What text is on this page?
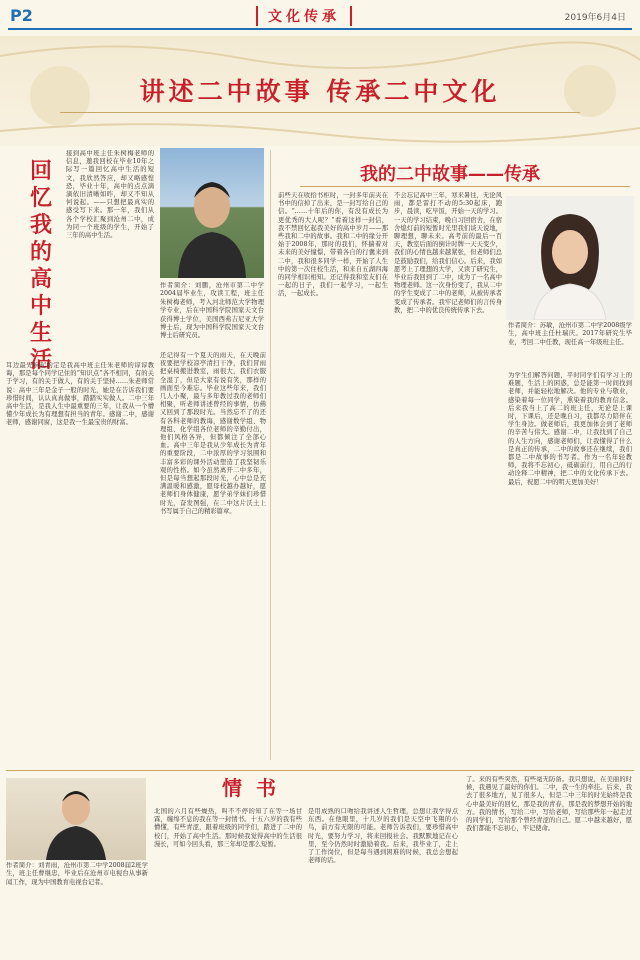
P2	文化传承	2019年6月4日
讲述二中故事 传承二中文化
回忆我的高中生活
接到高中班主任朱树梅老师的信息，邀我回校在毕业10年之际写一篇回忆高中生活的短文，我欣然答应，却又略感惶恐，毕业十年，高中的点点滴滴依旧清晰如昨，却又不知从何说起。——只想把最真实的感受写下来。那一年，我们从各个学校汇聚到沧州二中，成为同一个班级的学生，开始了三年的高中生活。
耳边最先响起的定是我高中班主任朱老师的谆谆教诲，那是每个同学记住的“知识点”各不相同，有的关于学习，有的关于做人，有的关于坚持……朱老师常说：高中三年是金子一般的时光，她是在告诉我们要珍惜时间，认认真真做事，踏踏实实做人。二中三年高中生活，是我人生中最重要的三年，让我从一个懵懂少年成长为有理想有担当的青年。感谢二中，感谢老师，感谢同窗，这是我一生最宝贵的财富。
作者简介：刘鹏，沧州市第二中学2004届毕业生，攻读工程，班主任朱树梅老师，考入河北师范大学物理学专业，后在中国科学院国家天文台获得博士学位，美国西弗吉尼亚大学博士后，现为中国科学院国家天文台博士后研究员。
还记得有一个夏天的雨天，在天晚前夜要把学校凉亭清扫干净，我们冒雨把桌椅搬进教室，雨很大，我们衣服全湿了，但是大家有说有笑，那样的画面至今难忘。毕业这些年来，我们几人小聚，最与多年教过我的老师们相聚，听老师讲述曾经的事情，仿佛又回到了那段时光。当然忘不了的还有各科老师的教诲，感谢数学组、物理组、化学组各位老师的辛勤付出，他们风格各异，但都倾注了全部心血。高中三年是我从少年成长为青年的重要阶段，二中浓厚的学习氛围和丰富多彩的课外活动塑造了我坚韧乐观的性格。如今虽然离开二中多年，但是每当想起那段时光，心中总是充满温暖和感激，愿母校越办越好，愿老师们身体健康，愿学弟学妹们珍惜时光，奋发图强，在二中这片沃土上书写属于自己的精彩篇章。
我的二中故事——传承
前些天在收拾书柜时，一封多年前夹在书中的信掉了出来，是一封写给自己的信。“……十年后的你，有没有成长为更优秀的大人呢？”看着这样一封信，我不禁回忆起我美好的高中岁月——那些我和二中的故事。我和二中的缘分开始于2008年，那时的我们，怀揣着对未来的美好憧憬，带着各自的行囊来到二中，我和很多同学一样，开始了人生中的第一次住校生活，和来自五湖四海的同学相识相知。还记得我和室友们在一起的日子，我们一起学习，一起生活，一起成长。
不会忘记高中三年，寒来暑往，无论风雨，都是雷打不动的5:30起床，跑步，晨读，吃早饭，开始一天的学习。一天的学习结束，晚自习回宿舍，在宿舍熄灯前的短暂时光里我们谈天说地，聊理想，聊未来。高考前的最后一百天，教室后面的倒计时牌一天天变少，我们的心情也越来越紧张，但老师们总是鼓励我们，给我们信心。后来，我如愿考上了理想的大学，又读了研究生，毕业后我回到了二中，成为了一名高中物理老师。这一次身份变了，我从二中的学生变成了二中的老师，从被传承者变成了传承者。我牢记老师们的言传身教，把二中的优良传统传承下去。
作者简介：苏敏，沧州市第二中学2008级学生，高中班主任杜瑞庆。2017年研究生毕业，考回二中任教，现任高一年级班主任。
为学生们解答问题，平时同学们有学习上的难题，生活上的困惑，总是能第一时间找到老师，并能轻松地解决。他的专业与敬业，感染着每一位同学，熏染着我的教育信念。后来我当上了高二的班主任，无论是上课时，下课后，还是晚自习，我都尽力陪伴在学生身边。做老师后，我更加体会到了老师的辛苦与伟大。感谢二中，让我找到了自己的人生方向，感谢老师们，让我懂得了什么是真正的传承，二中的故事还在继续，我们都是二中故事的书写者。作为一名年轻教师，我将不忘初心，砥砺前行，用自己的行动诠释二中精神，把二中的文化传承下去。最后，祝愿二中的明天更加美好！
作者简介：刘青雨，沧州市第二中学2008届2班学生，班主任曹继忠，毕业后在沧州市电视台从事新闻工作，现为中国教育电视台记者。
情书
北国的六月有些燥热，叫不不停的知了在等一场甘霖，缠绵不息的我在等一封情书。十五六岁的我有些懵懂，有些青涩，跟着班级的同学们，踏进了二中的校门，开始了高中生活。那时候我觉得高中的生活很漫长，可如今回头看，那三年却是那么短暂。
是用成熟的口吻给我讲述人生哲理，总想让我学得点东西。在他眼里，十几岁的我们是天空中飞翔的小鸟，前方有无限的可能。老师告诉我们，要珍惜高中时光，要努力学习，将来回报社会。我默默地记在心里，至今仍然时时激励着我。后来，我毕业了，走上了工作岗位，但是每当遇到困难的时候，我总会想起老师的话。
了。来的有些突然，有些毫无防备。我只想说，在美丽的时候，我遇见了最好的你们。二中，我一生的牵挂。后来，我去了很多地方，见了很多人，但是二中三年的时光始终是我心中最美好的回忆，那是我的青春，那是我的梦想开始的地方。我的情书，写给二中，写给老师，写给那些年一起走过的同学们，写给那个曾经青涩的自己。愿二中越来越好，愿我们都能不忘初心，牢记使命。
